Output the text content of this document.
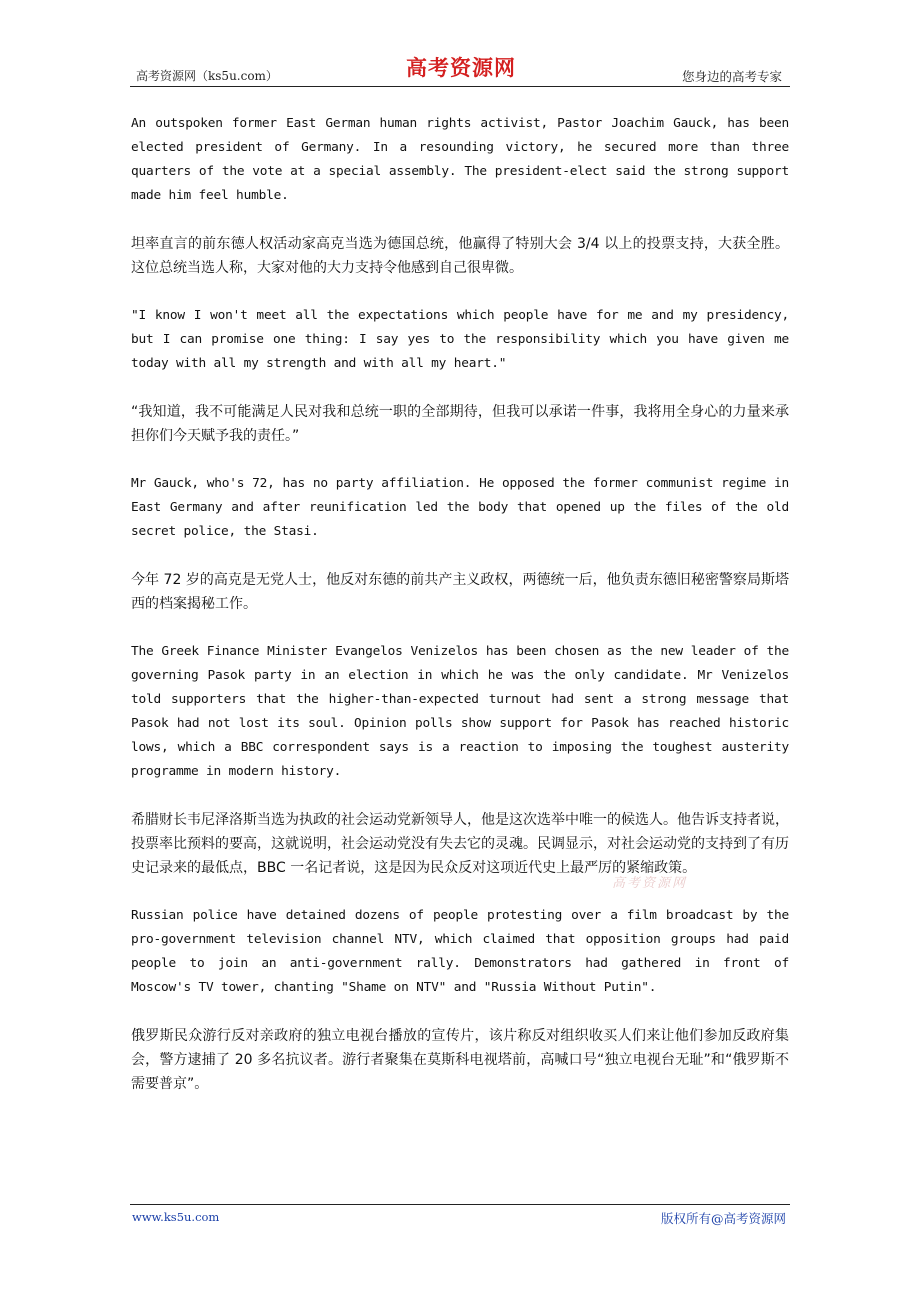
高考资源网（ks5u.com）	高考资源网	您身边的高考专家

An outspoken former East German human rights activist, Pastor Joachim Gauck, has been elected president of Germany. In a resounding victory, he secured more than three quarters of the vote at a special assembly. The president-elect said the strong support made him feel humble.

坦率直言的前东德人权活动家高克当选为德国总统，他赢得了特别大会 3/4 以上的投票支持，大获全胜。这位总统当选人称，大家对他的大力支持令他感到自己很卑微。

"I know I won't meet all the expectations which people have for me and my presidency, but I can promise one thing: I say yes to the responsibility which you have given me today with all my strength and with all my heart."

“我知道，我不可能满足人民对我和总统一职的全部期待，但我可以承诺一件事，我将用全身心的力量来承担你们今天赋予我的责任。”

Mr Gauck, who's 72, has no party affiliation. He opposed the former communist regime in East Germany and after reunification led the body that opened up the files of the old secret police, the Stasi.

今年 72 岁的高克是无党人士，他反对东德的前共产主义政权，两德统一后，他负责东德旧秘密警察局斯塔西的档案揭秘工作。

The Greek Finance Minister Evangelos Venizelos has been chosen as the new leader of the governing Pasok party in an election in which he was the only candidate. Mr Venizelos told supporters that the higher-than-expected turnout had sent a strong message that Pasok had not lost its soul. Opinion polls show support for Pasok has reached historic lows, which a BBC correspondent says is a reaction to imposing the toughest austerity programme in modern history.

希腊财长韦尼泽洛斯当选为执政的社会运动党新领导人，他是这次选举中唯一的候选人。他告诉支持者说，投票率比预料的要高，这就说明，社会运动党没有失去它的灵魂。民调显示，对社会运动党的支持到了有历史记录来的最低点，BBC 一名记者说，这是因为民众反对这项近代史上最严厉的紧缩政策。

Russian police have detained dozens of people protesting over a film broadcast by the pro-government television channel NTV, which claimed that opposition groups had paid people to join an anti-government rally. Demonstrators had gathered in front of Moscow's TV tower, chanting "Shame on NTV" and "Russia Without Putin".

俄罗斯民众游行反对亲政府的独立电视台播放的宣传片，该片称反对组织收买人们来让他们参加反政府集会，警方逮捕了 20 多名抗议者。游行者聚集在莫斯科电视塔前，高喊口号“独立电视台无耻”和“俄罗斯不需要普京”。

高考资源网
www.ks5u.com	版权所有@高考资源网
